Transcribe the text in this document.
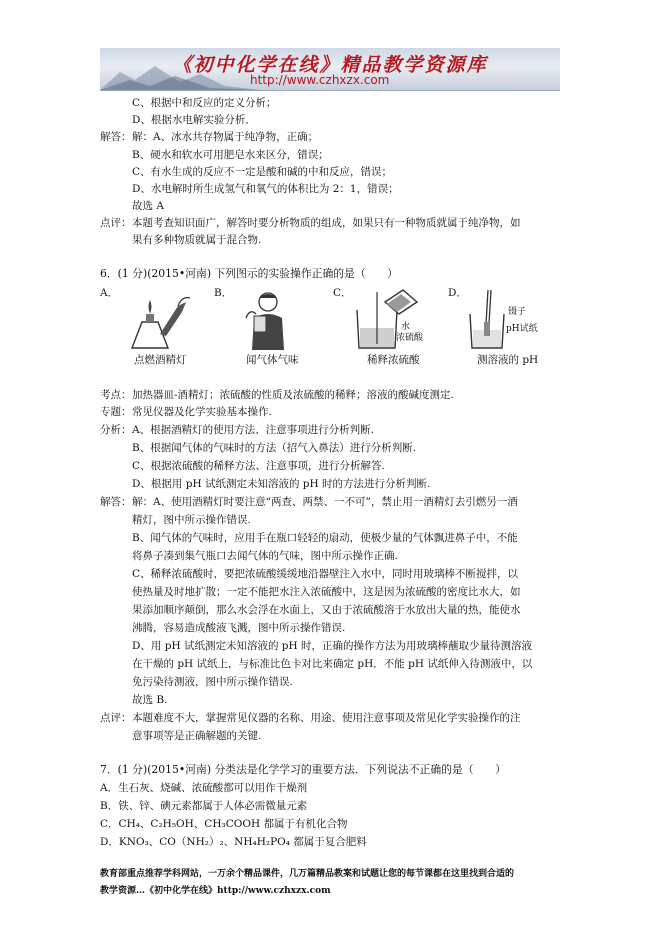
《初中化学在线》精品教学资源库
http://www.czhxzx.com
C、根据中和反应的定义分析；
D、根据水电解实验分析．
解答： 解：A、冰水共存物属于纯净物，正确；
B、硬水和软水可用肥皂水来区分，错误；
C、有水生成的反应不一定是酸和碱的中和反应，错误；
D、水电解时所生成氢气和氧气的体积比为 2：1，错误；
故选 A
点评： 本题考查知识面广，解答时要分析物质的组成，如果只有一种物质就属于纯净物，如
果有多种物质就属于混合物.
6．(1 分)(2015•河南) 下列图示的实验操作正确的是（　　）
A．	B．	C．	D．
点燃酒精灯	闻气体气味
水
浓硫酸
稀释浓硫酸
镊子
pH试纸
测溶液的 pH
考点： 加热器皿-酒精灯；浓硫酸的性质及浓硫酸的稀释；溶液的酸碱度测定.
专题： 常见仪器及化学实验基本操作.
分析： A、根据酒精灯的使用方法、注意事项进行分析判断.
B、根据闻气体的气味时的方法（招气入鼻法）进行分析判断.
C、根据浓硫酸的稀释方法、注意事项，进行分析解答.
D、根据用 pH 试纸测定未知溶液的 pH 时的方法进行分析判断.
解答： 解：A、使用酒精灯时要注意“两查、两禁、一不可”，禁止用一酒精灯去引燃另一酒
精灯，图中所示操作错误.
B、闻气体的气味时，应用手在瓶口轻轻的扇动，使极少量的气体飘进鼻子中，不能
将鼻子凑到集气瓶口去闻气体的气味，图中所示操作正确.
C、稀释浓硫酸时，要把浓硫酸缓缓地沿器壁注入水中，同时用玻璃棒不断搅拌，以
使热量及时地扩散；一定不能把水注入浓硫酸中，这是因为浓硫酸的密度比水大，如
果添加顺序颠倒，那么水会浮在水面上，又由于浓硫酸溶于水放出大量的热，能使水
沸腾，容易造成酸液飞溅，图中所示操作错误.
D、用 pH 试纸测定未知溶液的 pH 时，正确的操作方法为用玻璃棒蘸取少量待测溶液
在干燥的 pH 试纸上，与标准比色卡对比来确定 pH．不能 pH 试纸伸入待测液中，以
免污染待测液，图中所示操作错误.
故选 B.
点评： 本题难度不大，掌握常见仪器的名称、用途、使用注意事项及常见化学实验操作的注
意事项等是正确解题的关键.
7．(1 分)(2015•河南) 分类法是化学学习的重要方法．下列说法不正确的是（　　）
A．生石灰、烧碱、浓硫酸都可以用作干燥剂
B．铁、锌、碘元素都属于人体必需微量元素
C．CH₄、C₂H₅OH、CH₃COOH 都属于有机化合物
D．KNO₃、CO（NH₂）₂、NH₄H₂PO₄ 都属于复合肥料
教育部重点推荐学科网站，一万余个精品课件，几万篇精品教案和试题让您的每节课都在这里找到合适的
教学资源…《初中化学在线》http://www.czhxzx.com
